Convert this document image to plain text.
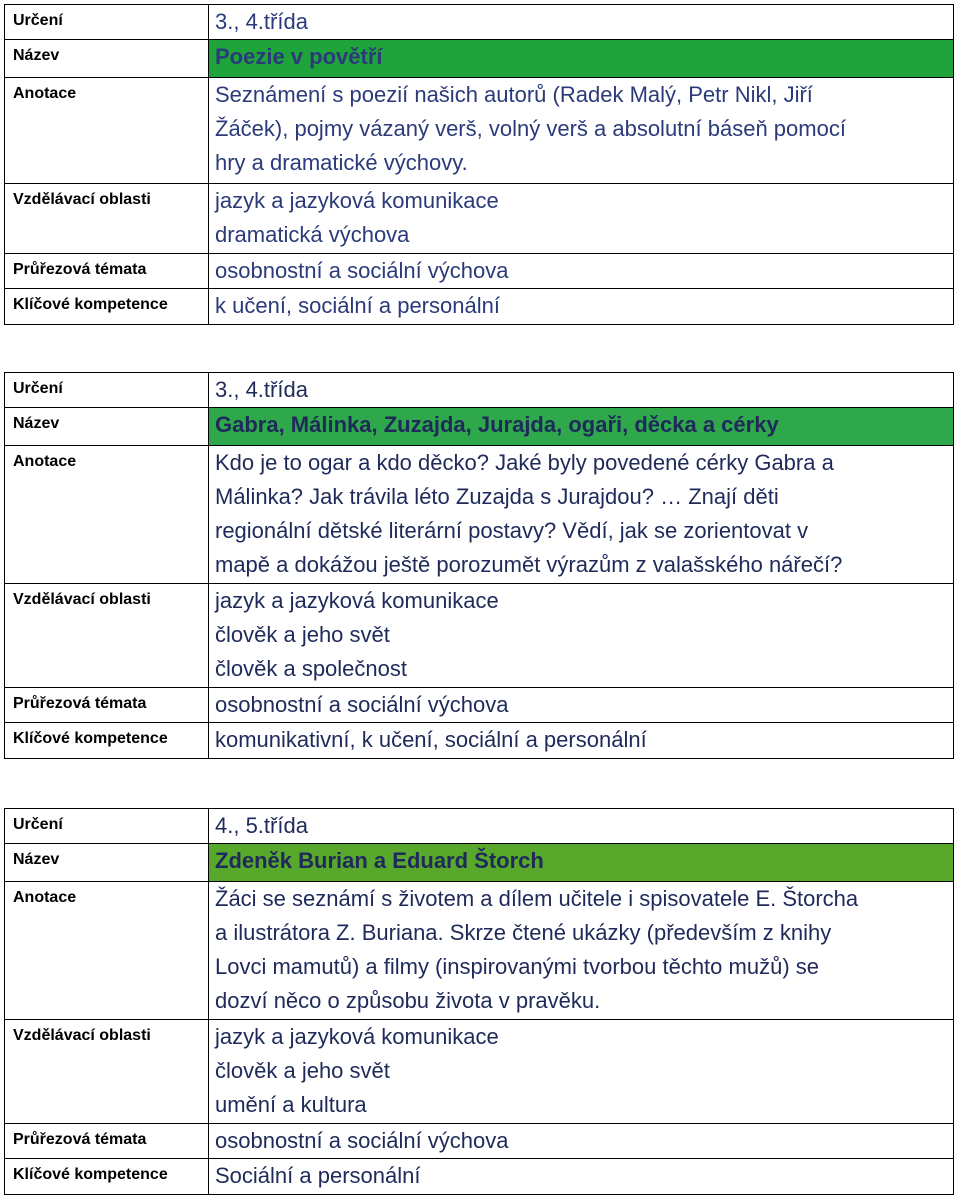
Určení	3., 4.třída
Název	Poezie v povětří
Anotace	Seznámení s poezií našich autorů (Radek Malý, Petr Nikl, Jiří
Žáček), pojmy vázaný verš, volný verš a absolutní báseň pomocí
hry a dramatické výchovy.

Vzdělávací oblasti	jazyk a jazyková komunikace
dramatická výchova

Průřezová témata	osobnostní a sociální výchova
Klíčové kompetence	k učení, sociální a personální
Určení	3., 4.třída
Název	Gabra, Málinka, Zuzajda, Jurajda, ogaři, děcka a cérky
Anotace	Kdo je to ogar a kdo děcko? Jaké byly povedené cérky Gabra a
Málinka? Jak trávila léto Zuzajda s Jurajdou? … Znají děti
regionální dětské literární postavy? Vědí, jak se zorientovat v
mapě a dokážou ještě porozumět výrazům z valašského nářečí?

Vzdělávací oblasti	jazyk a jazyková komunikace
člověk a jeho svět
člověk a společnost

Průřezová témata	osobnostní a sociální výchova
Klíčové kompetence	komunikativní, k učení, sociální a personální
Určení	4., 5.třída
Název	Zdeněk Burian a Eduard Štorch
Anotace	Žáci se seznámí s životem a dílem učitele i spisovatele E. Štorcha
a ilustrátora Z. Buriana. Skrze čtené ukázky (především z knihy
Lovci mamutů) a filmy (inspirovanými tvorbou těchto mužů) se
dozví něco o způsobu života v pravěku.

Vzdělávací oblasti	jazyk a jazyková komunikace
člověk a jeho svět
umění a kultura

Průřezová témata	osobnostní a sociální výchova
Klíčové kompetence	Sociální a personální
